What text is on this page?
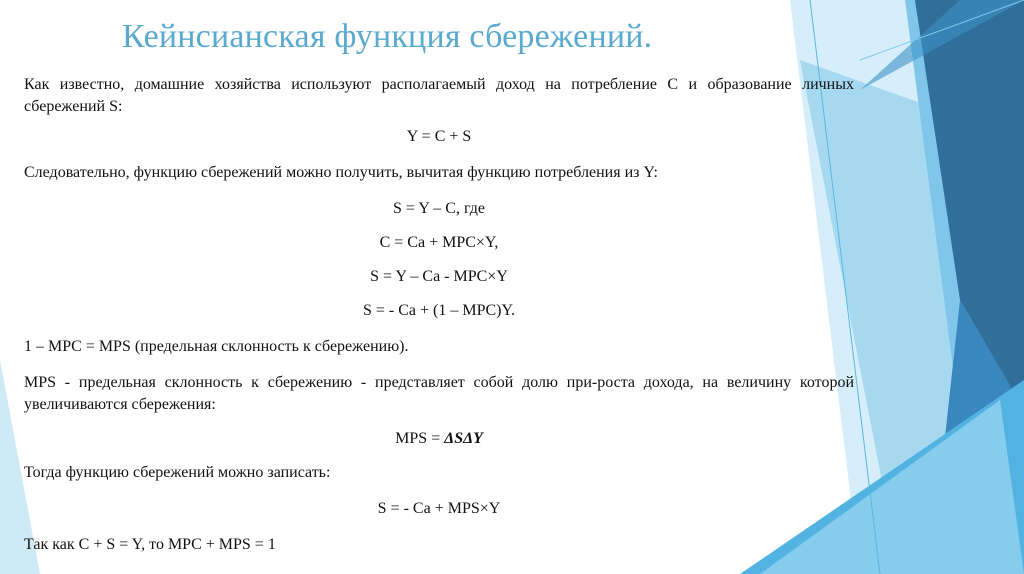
Кейнсианская функция сбережений.

Как известно, домашние хозяйства используют располагаемый доход на потребление C и образование личных сбережений S:

Y = C + S

Следовательно, функцию сбережений можно получить, вычитая функцию потребления из Y:

S = Y – C, где

C = Ca + MPC×Y,

S = Y – Ca - MPC×Y

S = - Ca + (1 – MPC)Y.

1 – MPC = MPS (предельная склонность к сбережению).

MPS - предельная склонность к сбережению - представляет собой долю при-роста дохода, на величину которой увеличиваются сбережения:

MPS = ΔSΔY

Тогда функцию сбережений можно записать:

S = - Ca + MPS×Y

Так как C + S = Y, то MPC + MPS = 1
